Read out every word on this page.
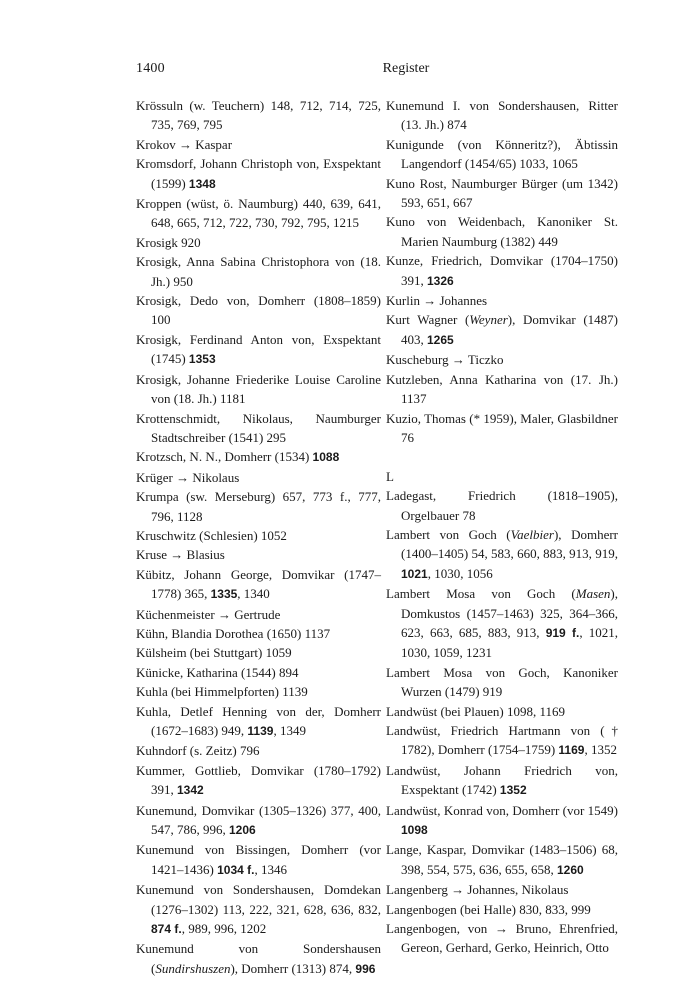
1400	Register

Krössuln (w. Teuchern) 148, 712, 714, 725, 735, 769, 795

Krokov → Kaspar

Kromsdorf, Johann Christoph von, Exspektant (1599) 1348

Kroppen (wüst, ö. Naumburg) 440, 639, 641, 648, 665, 712, 722, 730, 792, 795, 1215

Krosigk 920

Krosigk, Anna Sabina Christophora von (18. Jh.) 950

Krosigk, Dedo von, Domherr (1808–1859) 100

Krosigk, Ferdinand Anton von, Exspektant (1745) 1353

Krosigk, Johanne Friederike Louise Caroline von (18. Jh.) 1181

Krottenschmidt, Nikolaus, Naumburger Stadtschreiber (1541) 295

Krotzsch, N. N., Domherr (1534) 1088

Krüger → Nikolaus

Krumpa (sw. Merseburg) 657, 773 f., 777, 796, 1128

Kruschwitz (Schlesien) 1052

Kruse → Blasius

Kübitz, Johann George, Domvikar (1747–1778) 365, 1335, 1340

Küchenmeister → Gertrude

Kühn, Blandia Dorothea (1650) 1137

Külsheim (bei Stuttgart) 1059

Künicke, Katharina (1544) 894

Kuhla (bei Himmelpforten) 1139

Kuhla, Detlef Henning von der, Domherr (1672–1683) 949, 1139, 1349

Kuhndorf (s. Zeitz) 796

Kummer, Gottlieb, Domvikar (1780–1792) 391, 1342

Kunemund, Domvikar (1305–1326) 377, 400, 547, 786, 996, 1206

Kunemund von Bissingen, Domherr (vor 1421–1436) 1034 f., 1346

Kunemund von Sondershausen, Domdekan (1276–1302) 113, 222, 321, 628, 636, 832, 874 f., 989, 996, 1202

Kunemund von Sondershausen (Sundirshuszen), Domherr (1313) 874, 996

Kunemund I. von Sondershausen, Ritter (13. Jh.) 874

Kunigunde (von Könneritz?), Äbtissin Langendorf (1454/65) 1033, 1065

Kuno Rost, Naumburger Bürger (um 1342) 593, 651, 667

Kuno von Weidenbach, Kanoniker St. Marien Naumburg (1382) 449

Kunze, Friedrich, Domvikar (1704–1750) 391, 1326

Kurlin → Johannes

Kurt Wagner (Weyner), Domvikar (1487) 403, 1265

Kuscheburg → Ticzko

Kutzleben, Anna Katharina von (17. Jh.) 1137

Kuzio, Thomas (* 1959), Maler, Glasbildner 76

L

Ladegast, Friedrich (1818–1905), Orgelbauer 78

Lambert von Goch (Vaelbier), Domherr (1400–1405) 54, 583, 660, 883, 913, 919, 1021, 1030, 1056

Lambert Mosa von Goch (Masen), Domkustos (1457–1463) 325, 364–366, 623, 663, 685, 883, 913, 919 f., 1021, 1030, 1059, 1231

Lambert Mosa von Goch, Kanoniker Wurzen (1479) 919

Landwüst (bei Plauen) 1098, 1169

Landwüst, Friedrich Hartmann von († 1782), Domherr (1754–1759) 1169, 1352

Landwüst, Johann Friedrich von, Exspektant (1742) 1352

Landwüst, Konrad von, Domherr (vor 1549) 1098

Lange, Kaspar, Domvikar (1483–1506) 68, 398, 554, 575, 636, 655, 658, 1260

Langenberg → Johannes, Nikolaus

Langenbogen (bei Halle) 830, 833, 999

Langenbogen, von → Bruno, Ehrenfried, Gereon, Gerhard, Gerko, Heinrich, Otto
